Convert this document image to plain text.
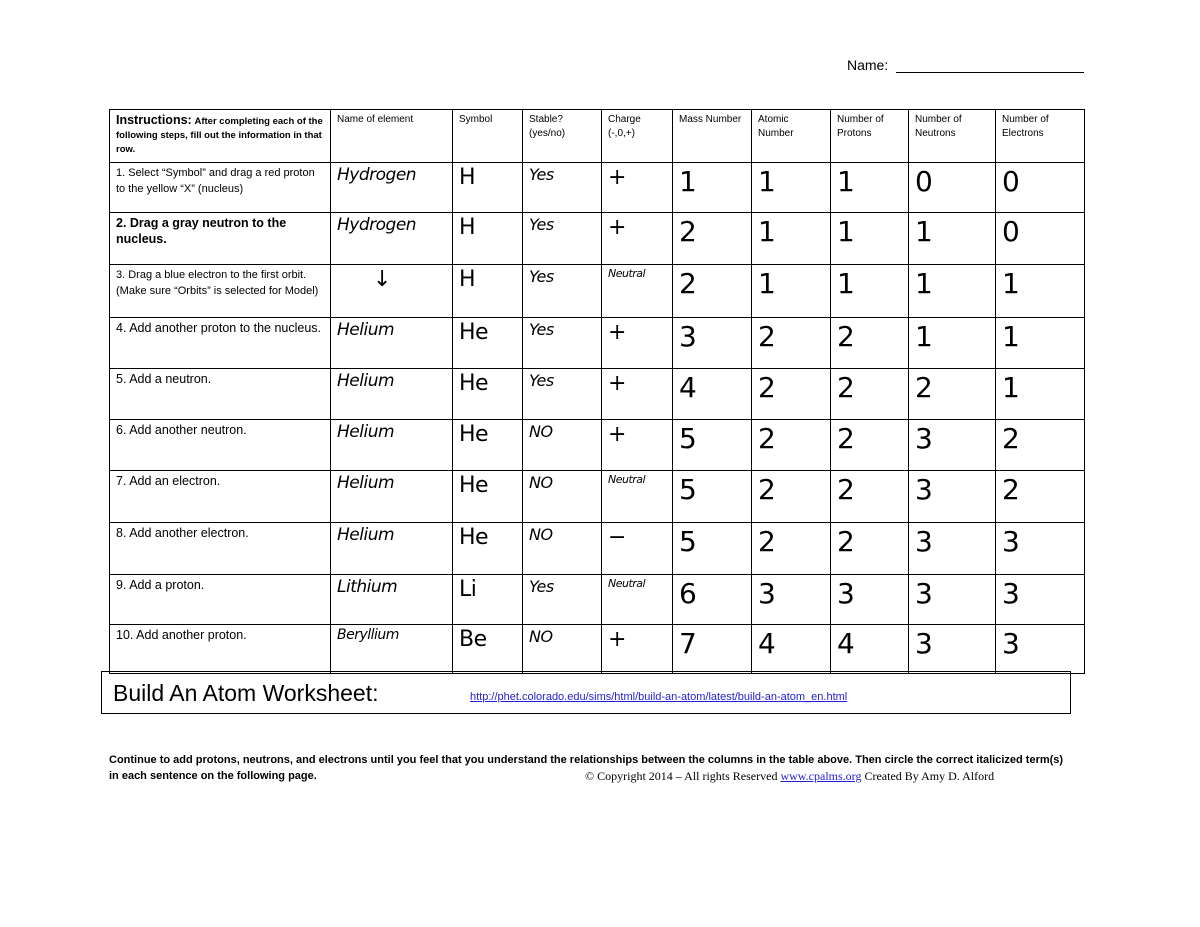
Name:
Instructions: After completing each of the following steps, fill out the information in that row.	Name of element	Symbol	Stable? (yes/no)	Charge (-,0,+)	Mass Number	Atomic Number	Number of Protons	Number of Neutrons	Number of Electrons
1. Select “Symbol” and drag a red proton to the yellow “X” (nucleus)	Hydrogen	H	Yes	+	1	1	1	0	0
2. Drag a gray neutron to the nucleus.	Hydrogen	H	Yes	+	2	1	1	1	0
3. Drag a blue electron to the first orbit. (Make sure “Orbits” is selected for Model)	↓	H	Yes	Neutral	2	1	1	1	1
4. Add another proton to the nucleus.	Helium	He	Yes	+	3	2	2	1	1
5. Add a neutron.	Helium	He	Yes	+	4	2	2	2	1
6. Add another neutron.	Helium	He	NO	+	5	2	2	3	2
7. Add an electron.	Helium	He	NO	Neutral	5	2	2	3	2
8. Add another electron.	Helium	He	NO	−	5	2	2	3	3
9. Add a proton.	Lithium	Li	Yes	Neutral	6	3	3	3	3
10. Add another proton.	Beryllium	Be	NO	+	7	4	4	3	3
Build An Atom Worksheet:	http://phet.colorado.edu/sims/html/build-an-atom/latest/build-an-atom_en.html
Continue to add protons, neutrons, and electrons until you feel that you understand the relationships between the columns in the table above. Then circle the correct italicized term(s) in each sentence on the following page.	© Copyright 2014 – All rights Reserved www.cpalms.org Created By Amy D. Alford
